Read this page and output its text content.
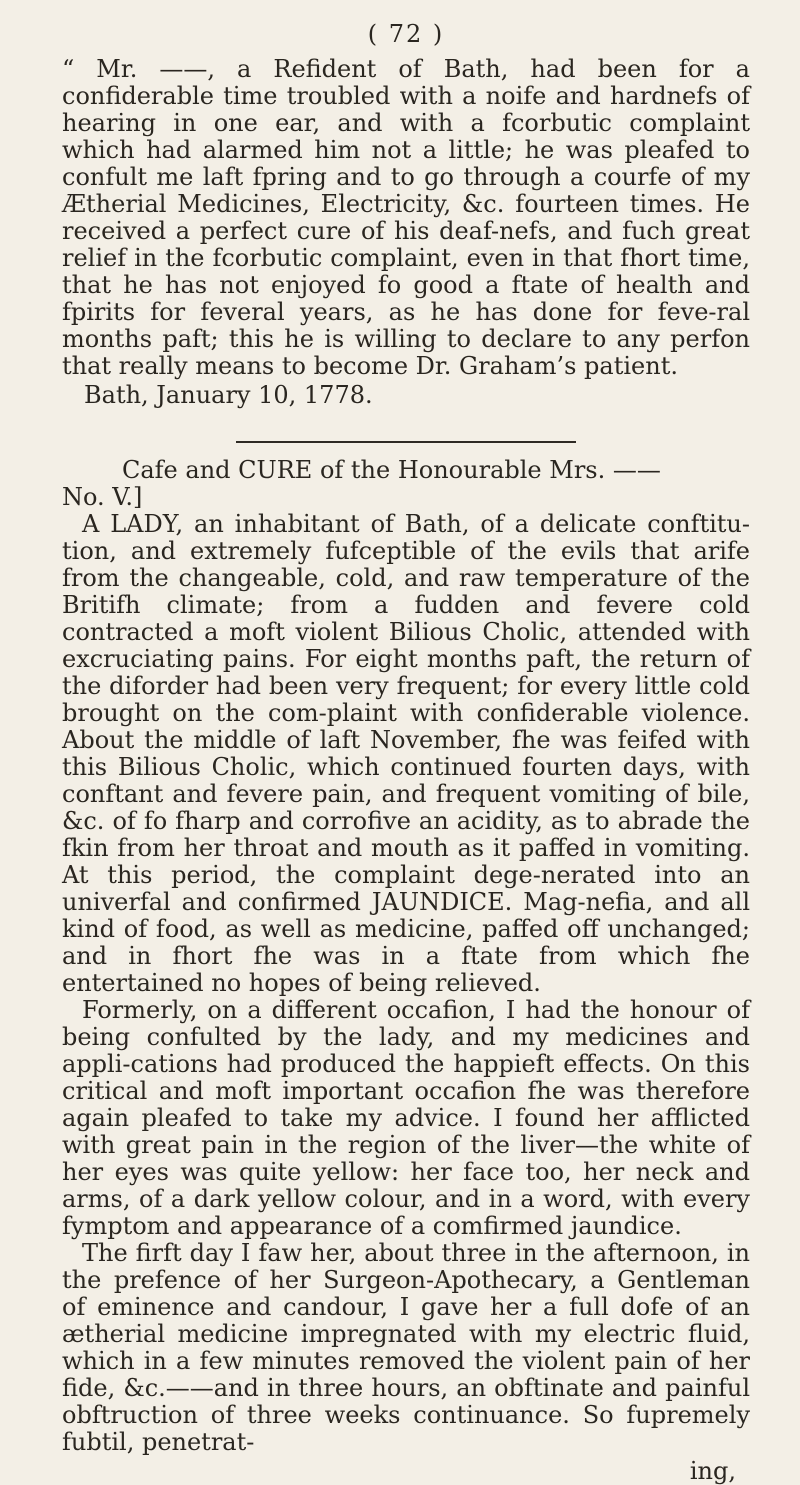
( 72 )

“ Mr. ——, a Refident of Bath, had been for a confiderable time troubled with a noife and hardnefs of hearing in one ear, and with a fcorbutic complaint which had alarmed him not a little; he was pleafed to confult me laft fpring and to go through a courfe of my Ætherial Medicines, Electricity, &c. fourteen times. He received a perfect cure of his deaf-nefs, and fuch great relief in the fcorbutic complaint, even in that fhort time, that he has not enjoyed fo good a ftate of health and fpirits for feveral years, as he has done for feve-ral months paft; this he is willing to declare to any perfon that really means to become Dr. Graham’s patient.

Bath, January 10, 1778.

Cafe and CURE of the Honourable Mrs. ——

No. V.]

A LADY, an inhabitant of Bath, of a delicate conftitu-tion, and extremely fufceptible of the evils that arife from the changeable, cold, and raw temperature of the Britifh climate; from a fudden and fevere cold contracted a moft violent Bilious Cholic, attended with excruciating pains. For eight months paft, the return of the diforder had been very frequent; for every little cold brought on the com-plaint with confiderable violence. About the middle of laft November, fhe was feifed with this Bilious Cholic, which continued fourten days, with conftant and fevere pain, and frequent vomiting of bile, &c. of fo fharp and corrofive an acidity, as to abrade the fkin from her throat and mouth as it paffed in vomiting. At this period, the complaint dege-nerated into an univerfal and confirmed JAUNDICE. Mag-nefia, and all kind of food, as well as medicine, paffed off unchanged; and in fhort fhe was in a ftate from which fhe entertained no hopes of being relieved.

Formerly, on a different occafion, I had the honour of being confulted by the lady, and my medicines and appli-cations had produced the happieft effects. On this critical and moft important occafion fhe was therefore again pleafed to take my advice. I found her afflicted with great pain in the region of the liver—the white of her eyes was quite yellow: her face too, her neck and arms, of a dark yellow colour, and in a word, with every fymptom and appearance of a comfirmed jaundice.

The firft day I faw her, about three in the afternoon, in the prefence of her Surgeon-Apothecary, a Gentleman of eminence and candour, I gave her a full dofe of an ætherial medicine impregnated with my electric fluid, which in a few minutes removed the violent pain of her fide, &c.——and in three hours, an obftinate and painful obftruction of three weeks continuance. So fupremely fubtil, penetrat-

ing,
